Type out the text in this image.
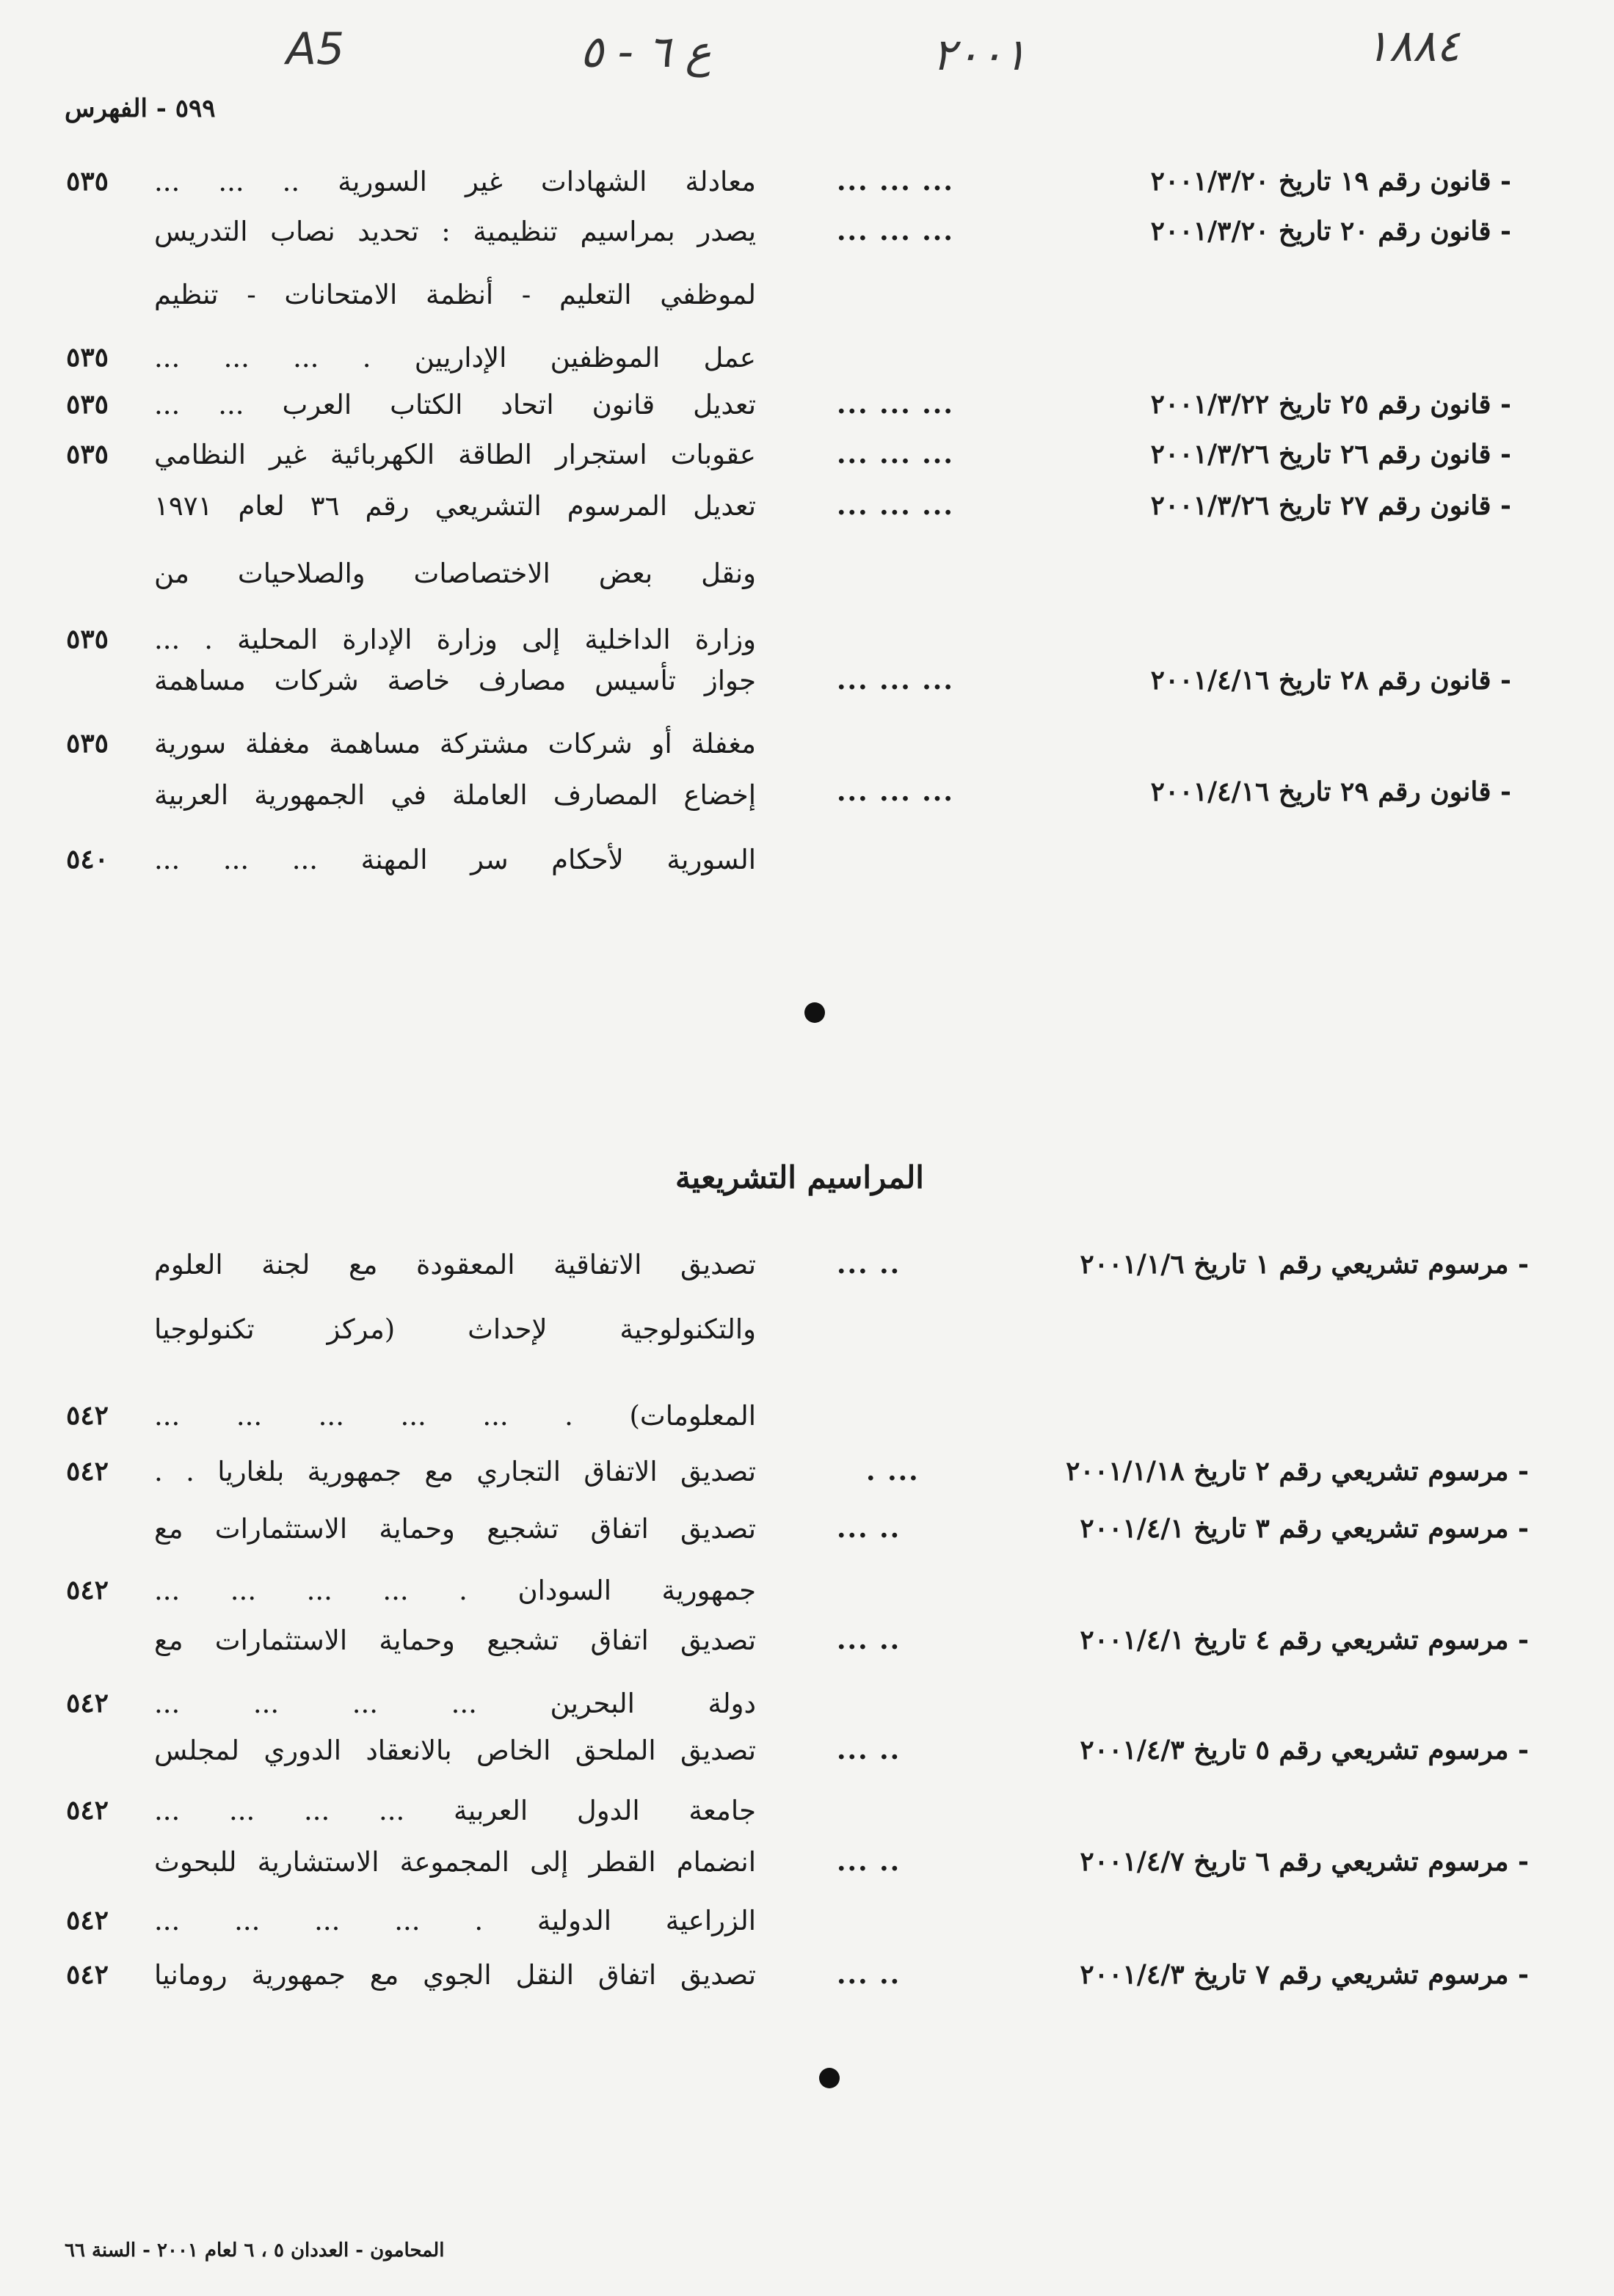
١٨٨٤
٢٠٠١
ع ٦ - ٥
A5
٥٩٩ - الفهرس
- قانون رقم ١٩ تاريخ ٢٠٠١/٣/٢٠
... ... ...
معادلة الشهادات غير السورية .. ... ...
٥٣٥
- قانون رقم ٢٠ تاريخ ٢٠٠١/٣/٢٠
... ... ...
يصدر بمراسيم تنظيمية : تحديد نصاب التدريس
لموظفي التعليم - أنظمة الامتحانات - تنظيم
عمل الموظفين الإداريين . ... ... ...
٥٣٥
- قانون رقم ٢٥ تاريخ ٢٠٠١/٣/٢٢
... ... ...
تعديل قانون اتحاد الكتاب العرب ... ...
٥٣٥
- قانون رقم ٢٦ تاريخ ٢٠٠١/٣/٢٦
... ... ...
عقوبات استجرار الطاقة الكهربائية غير النظامي
٥٣٥
- قانون رقم ٢٧ تاريخ ٢٠٠١/٣/٢٦
... ... ...
تعديل المرسوم التشريعي رقم ٣٦ لعام ١٩٧١
ونقل بعض الاختصاصات والصلاحيات من
وزارة الداخلية إلى وزارة الإدارة المحلية . ...
٥٣٥
- قانون رقم ٢٨ تاريخ ٢٠٠١/٤/١٦
... ... ...
جواز تأسيس مصارف خاصة شركات مساهمة
مغفلة أو شركات مشتركة مساهمة مغفلة سورية
٥٣٥
- قانون رقم ٢٩ تاريخ ٢٠٠١/٤/١٦
... ... ...
إخضاع المصارف العاملة في الجمهورية العربية
السورية لأحكام سر المهنة ... ... ...
٥٤٠
المراسيم التشريعية
- مرسوم تشريعي رقم ١ تاريخ ٢٠٠١/١/٦
... ..
تصديق الاتفاقية المعقودة مع لجنة العلوم
والتكنولوجية لإحداث (مركز تكنولوجيا
المعلومات) . ... ... ... ... ...
٥٤٢
- مرسوم تشريعي رقم ٢ تاريخ ٢٠٠١/١/١٨
. ...
تصديق الاتفاق التجاري مع جمهورية بلغاريا . .
٥٤٢
- مرسوم تشريعي رقم ٣ تاريخ ٢٠٠١/٤/١
... ..
تصديق اتفاق تشجيع وحماية الاستثمارات مع
جمهورية السودان . ... ... ... ...
٥٤٢
- مرسوم تشريعي رقم ٤ تاريخ ٢٠٠١/٤/١
... ..
تصديق اتفاق تشجيع وحماية الاستثمارات مع
دولة البحرين ... ... ... ...
٥٤٢
- مرسوم تشريعي رقم ٥ تاريخ ٢٠٠١/٤/٣
... ..
تصديق الملحق الخاص بالانعقاد الدوري لمجلس
جامعة الدول العربية ... ... ... ...
٥٤٢
- مرسوم تشريعي رقم ٦ تاريخ ٢٠٠١/٤/٧
... ..
انضمام القطر إلى المجموعة الاستشارية للبحوث
الزراعية الدولية . ... ... ... ...
٥٤٢
- مرسوم تشريعي رقم ٧ تاريخ ٢٠٠١/٤/٣
... ..
تصديق اتفاق النقل الجوي مع جمهورية رومانيا
٥٤٢
المحامون - العددان ٥ ، ٦ لعام ٢٠٠١ - السنة ٦٦
